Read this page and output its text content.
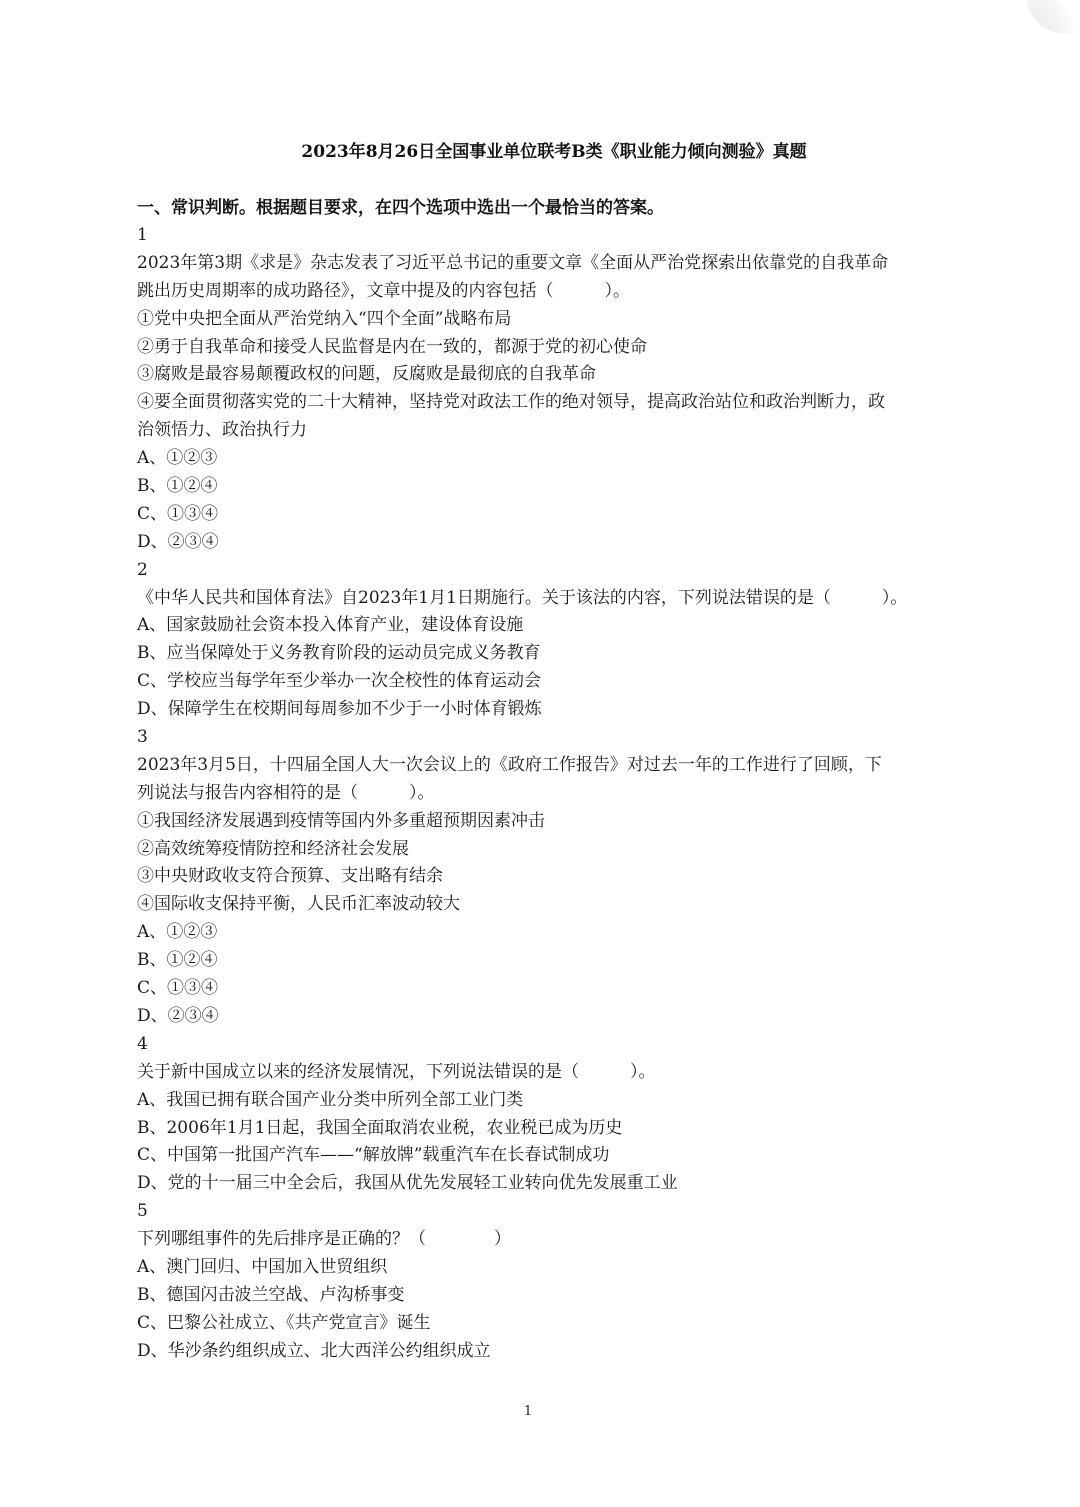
2023年8月26日全国事业单位联考B类《职业能力倾向测验》真题
一、常识判断。根据题目要求，在四个选项中选出一个最恰当的答案。
1
2023年第3期《求是》杂志发表了习近平总书记的重要文章《全面从严治党探索出依靠党的自我革命
跳出历史周期率的成功路径》，文章中提及的内容包括（　　　）。
①党中央把全面从严治党纳入“四个全面”战略布局
②勇于自我革命和接受人民监督是内在一致的，都源于党的初心使命
③腐败是最容易颠覆政权的问题，反腐败是最彻底的自我革命
④要全面贯彻落实党的二十大精神，坚持党对政法工作的绝对领导，提高政治站位和政治判断力，政
治领悟力、政治执行力
A、①②③
B、①②④
C、①③④
D、②③④
2
《中华人民共和国体育法》自2023年1月1日期施行。关于该法的内容，下列说法错误的是（　　　）。
A、国家鼓励社会资本投入体育产业，建设体育设施
B、应当保障处于义务教育阶段的运动员完成义务教育
C、学校应当每学年至少举办一次全校性的体育运动会
D、保障学生在校期间每周参加不少于一小时体育锻炼
3
2023年3月5日，十四届全国人大一次会议上的《政府工作报告》对过去一年的工作进行了回顾，下
列说法与报告内容相符的是（　　　）。
①我国经济发展遇到疫情等国内外多重超预期因素冲击
②高效统筹疫情防控和经济社会发展
③中央财政收支符合预算、支出略有结余
④国际收支保持平衡，人民币汇率波动较大
A、①②③
B、①②④
C、①③④
D、②③④
4
关于新中国成立以来的经济发展情况，下列说法错误的是（　　　）。
A、我国已拥有联合国产业分类中所列全部工业门类
B、2006年1月1日起，我国全面取消农业税，农业税已成为历史
C、中国第一批国产汽车——“解放牌”载重汽车在长春试制成功
D、党的十一届三中全会后，我国从优先发展轻工业转向优先发展重工业
5
下列哪组事件的先后排序是正确的？（　　　　）
A、澳门回归、中国加入世贸组织
B、德国闪击波兰空战、卢沟桥事变
C、巴黎公社成立、《共产党宣言》诞生
D、华沙条约组织成立、北大西洋公约组织成立
1
